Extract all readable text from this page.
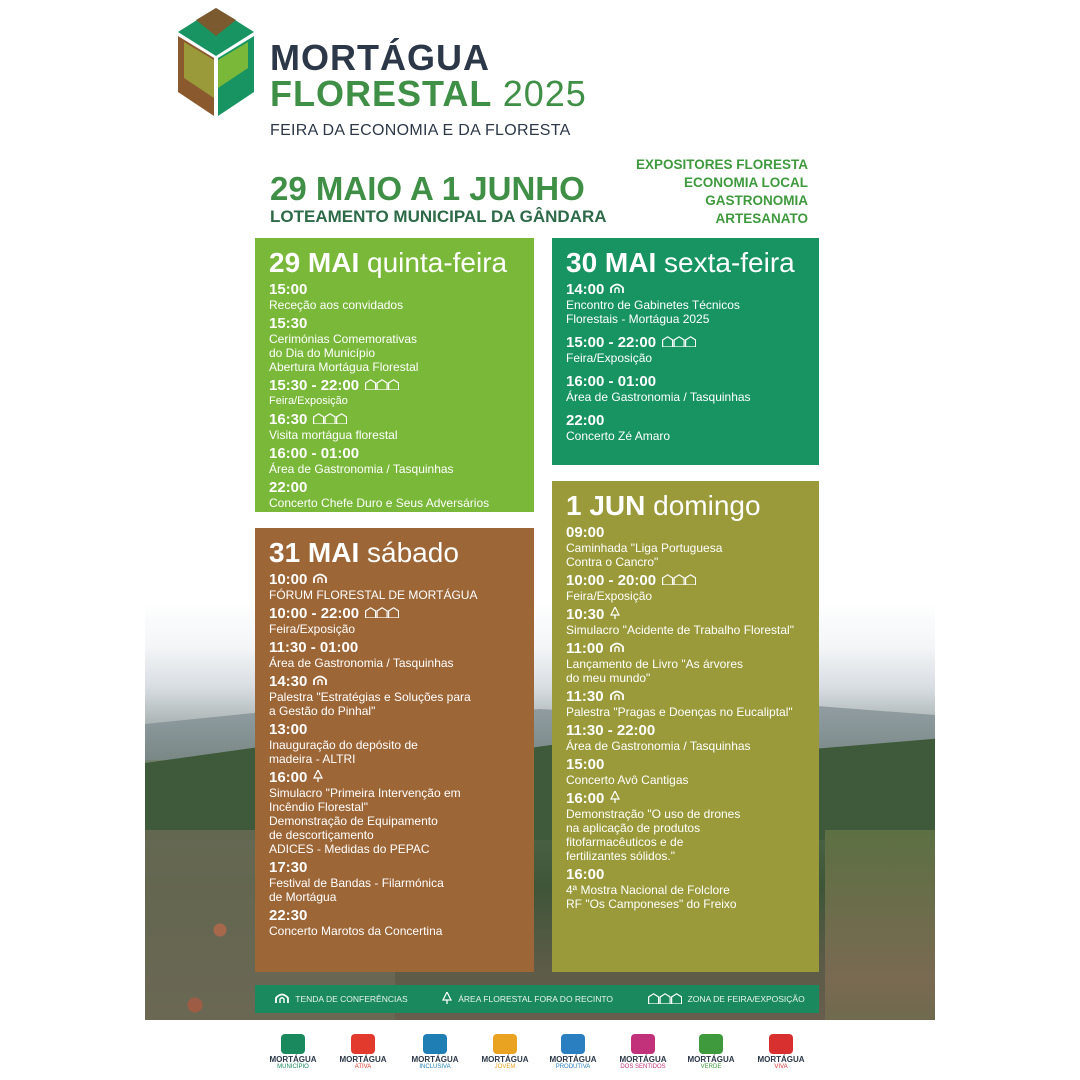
MORTÁGUA
FLORESTAL 2025
FEIRA DA ECONOMIA E DA FLORESTA
29 MAIO A 1 JUNHO
LOTEAMENTO MUNICIPAL DA GÂNDARA
EXPOSITORES FLORESTA
ECONOMIA LOCAL
GASTRONOMIA
ARTESANATO
29 MAI quinta-feira
15:00
Receção aos convidados
15:30
Cerimónias Comemorativas
do Dia do Município
Abertura Mortágua Florestal
15:30 - 22:00
Feira/Exposição
16:30
Visita mortágua florestal
16:00 - 01:00
Área de Gastronomia / Tasquinhas
22:00
Concerto Chefe Duro e Seus Adversários
30 MAI sexta-feira
14:00
Encontro de Gabinetes Técnicos
Florestais - Mortágua 2025
15:00 - 22:00
Feira/Exposição
16:00 - 01:00
Área de Gastronomia / Tasquinhas
22:00
Concerto Zé Amaro
31 MAI sábado
10:00
FÓRUM FLORESTAL DE MORTÁGUA
10:00 - 22:00
Feira/Exposição
11:30 - 01:00
Área de Gastronomia / Tasquinhas
14:30
Palestra "Estratégias e Soluções para
a Gestão do Pinhal"
13:00
Inauguração do depósito de
madeira - ALTRI
16:00
Simulacro "Primeira Intervenção em
Incêndio Florestal"
Demonstração de Equipamento
de descortiçamento
ADICES - Medidas do PEPAC
17:30
Festival de Bandas - Filarmónica
de Mortágua
22:30
Concerto Marotos da Concertina
1 JUN domingo
09:00
Caminhada "Liga Portuguesa
Contra o Cancro"
10:00 - 20:00
Feira/Exposição
10:30
Simulacro "Acidente de Trabalho Florestal"
11:00
Lançamento de Livro "As árvores
do meu mundo"
11:30
Palestra "Pragas e Doenças no Eucaliptal"
11:30 - 22:00
Área de Gastronomia / Tasquinhas
15:00
Concerto Avô Cantigas
16:00
Demonstração "O uso de drones
na aplicação de produtos
fitofarmacêuticos e de
fertilizantes sólidos."
16:00
4ª Mostra Nacional de Folclore
RF "Os Camponeses" do Freixo
TENDA DE CONFERÊNCIAS	ÁREA FLORESTAL FORA DO RECINTO	ZONA DE FEIRA/EXPOSIÇÃO
MORTÁGUA
MUNICÍPIO
MORTÁGUA
ATIVA
MORTÁGUA
INCLUSIVA
MORTÁGUA
JOVEM
MORTÁGUA
PRODUTIVA
MORTÁGUA
DOS SENTIDOS
MORTÁGUA
VERDE
MORTÁGUA
VIVA
